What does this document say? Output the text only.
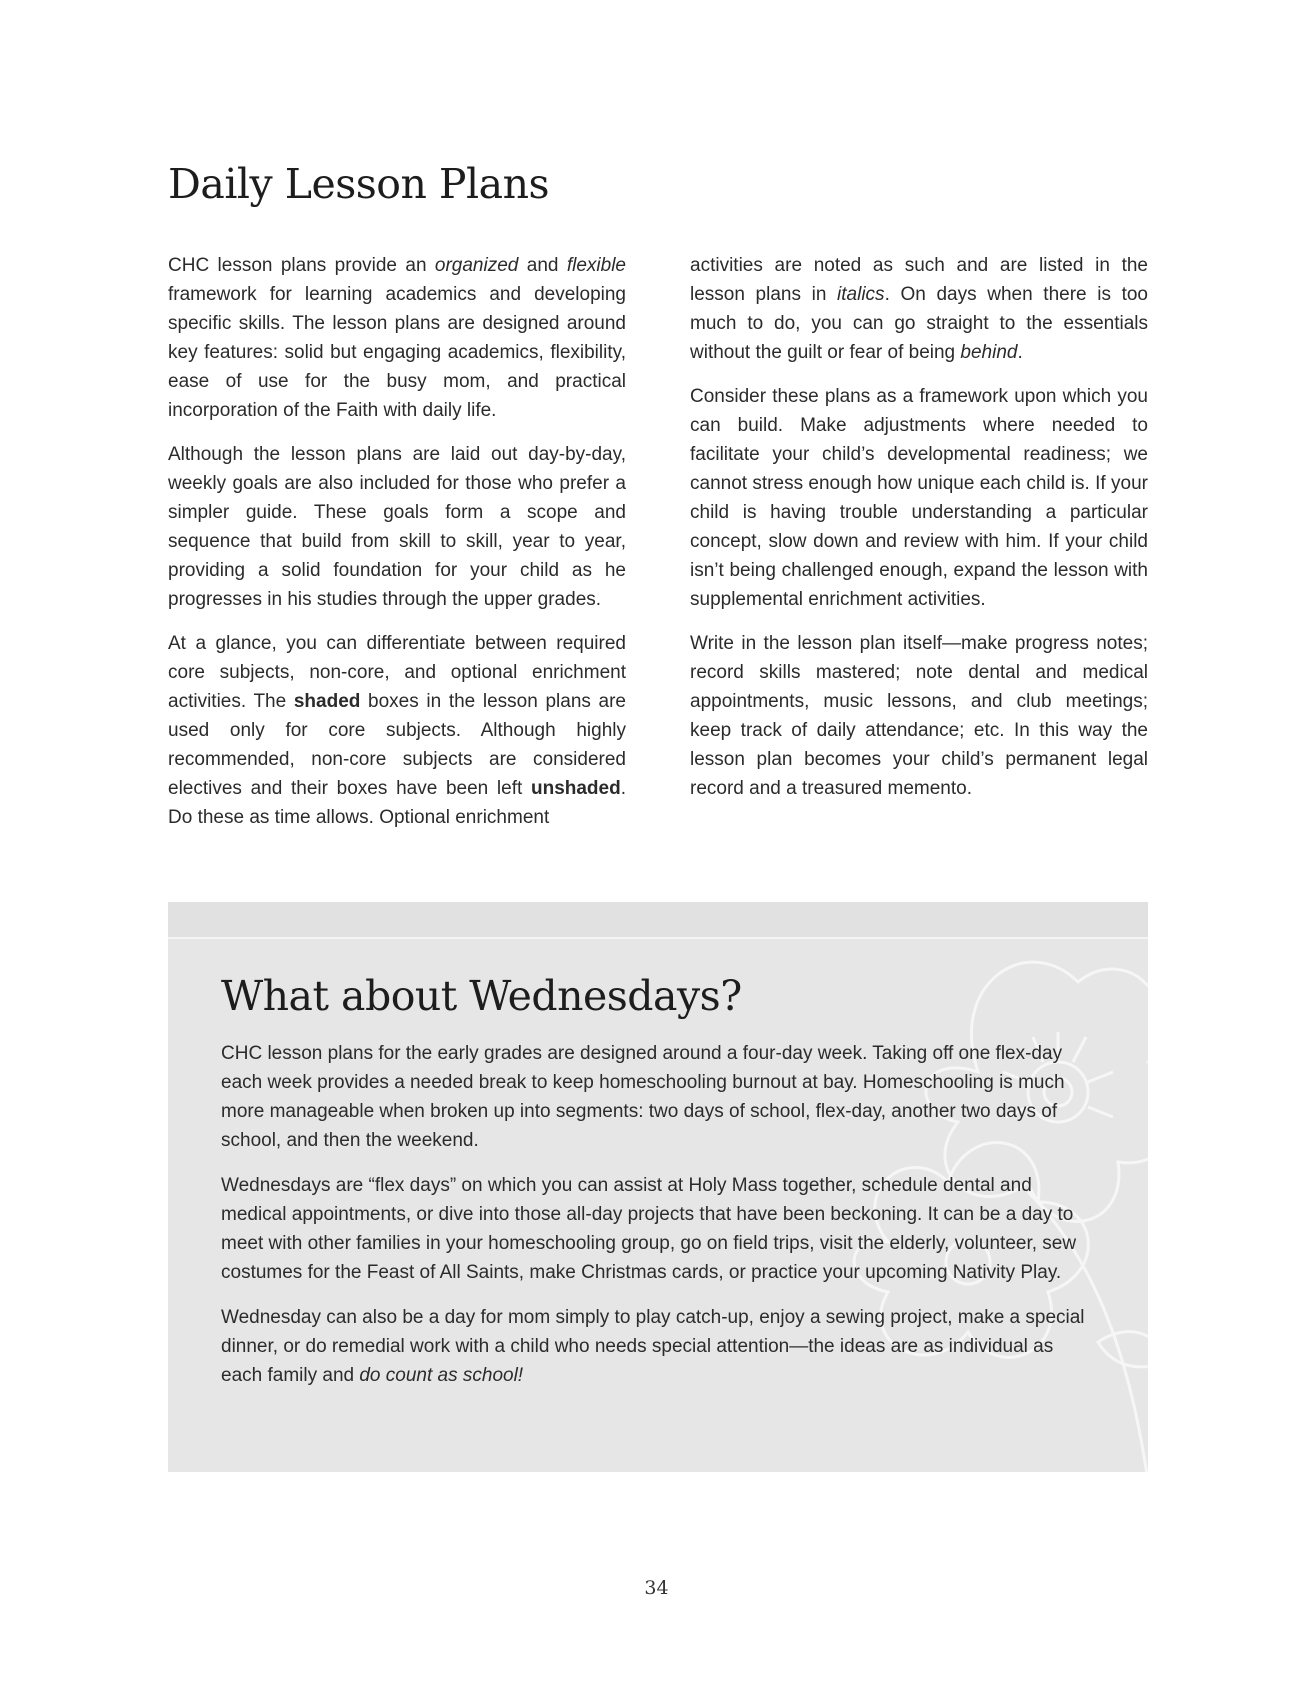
Daily Lesson Plans

CHC lesson plans provide an organized and flexible framework for learning academics and developing specific skills. The lesson plans are designed around key features: solid but engaging academics, flexibility, ease of use for the busy mom, and practical incorporation of the Faith with daily life.

Although the lesson plans are laid out day-by-day, weekly goals are also included for those who prefer a simpler guide. These goals form a scope and sequence that build from skill to skill, year to year, providing a solid foundation for your child as he progresses in his studies through the upper grades.

At a glance, you can differentiate between required core subjects, non-core, and optional enrichment activities. The shaded boxes in the lesson plans are used only for core subjects. Although highly recommended, non-core subjects are considered electives and their boxes have been left unshaded. Do these as time allows. Optional enrichment

activities are noted as such and are listed in the lesson plans in italics. On days when there is too much to do, you can go straight to the essentials without the guilt or fear of being behind.

Consider these plans as a framework upon which you can build. Make adjustments where needed to facilitate your child’s developmental readiness; we cannot stress enough how unique each child is. If your child is having trouble understanding a particular concept, slow down and review with him. If your child isn’t being challenged enough, expand the lesson with supplemental enrichment activities.

Write in the lesson plan itself—make progress notes; record skills mastered; note dental and medical appointments, music lessons, and club meetings; keep track of daily attendance; etc. In this way the lesson plan becomes your child’s permanent legal record and a treasured memento.

What about Wednesdays?

CHC lesson plans for the early grades are designed around a four-day week. Taking off one flex-day each week provides a needed break to keep homeschooling burnout at bay. Homeschooling is much more manageable when broken up into segments: two days of school, flex-day, another two days of school, and then the weekend.

Wednesdays are “flex days” on which you can assist at Holy Mass together, schedule dental and medical appointments, or dive into those all-day projects that have been beckoning. It can be a day to meet with other families in your homeschooling group, go on field trips, visit the elderly, volunteer, sew costumes for the Feast of All Saints, make Christmas cards, or practice your upcoming Nativity Play.

Wednesday can also be a day for mom simply to play catch-up, enjoy a sewing project, make a special dinner, or do remedial work with a child who needs special attention—the ideas are as individual as each family and do count as school!

34
